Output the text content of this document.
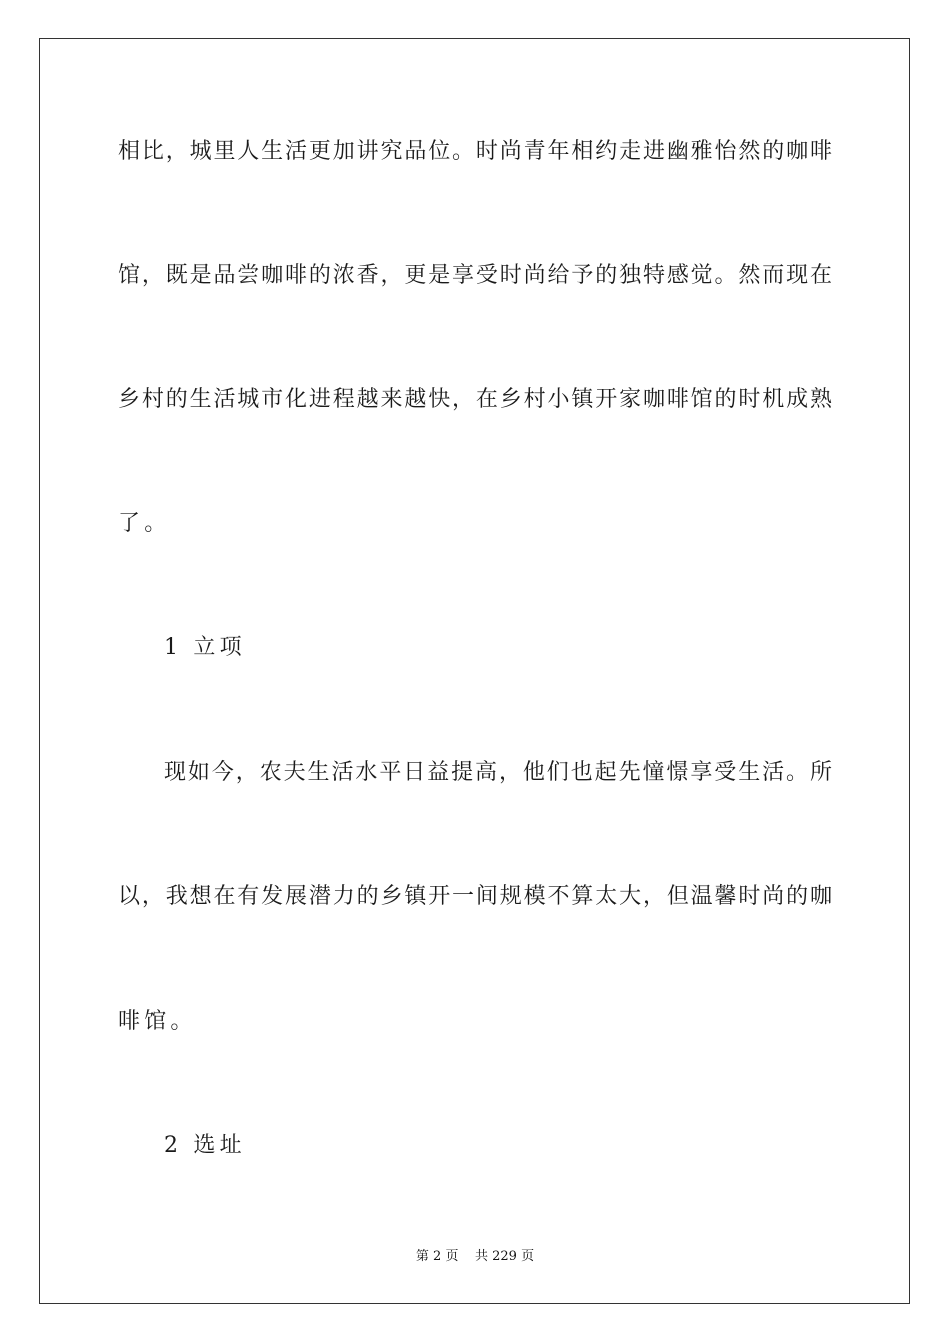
相比，城里人生活更加讲究品位。时尚青年相约走进幽雅怡然的咖啡
馆，既是品尝咖啡的浓香，更是享受时尚给予的独特感觉。然而现在
乡村的生活城市化进程越来越快，在乡村小镇开家咖啡馆的时机成熟
了。
1 立项
现如今，农夫生活水平日益提高，他们也起先憧憬享受生活。所
以，我想在有发展潜力的乡镇开一间规模不算太大，但温馨时尚的咖
啡馆。
2 选址
第 2 页 共 229 页
